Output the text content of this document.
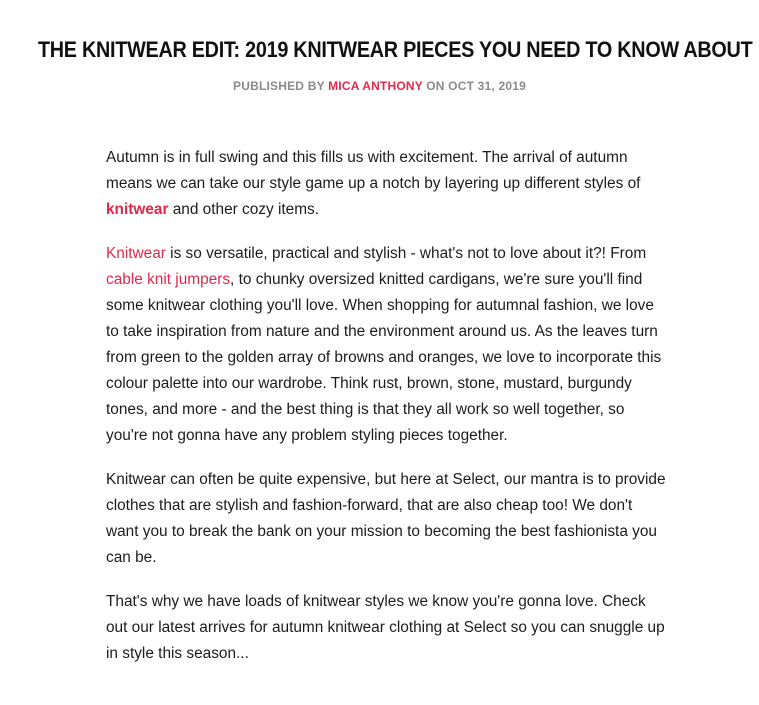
THE KNITWEAR EDIT: 2019 KNITWEAR PIECES YOU NEED TO KNOW ABOUT
PUBLISHED BY MICA ANTHONY ON OCT 31, 2019

Autumn is in full swing and this fills us with excitement. The arrival of autumn means we can take our style game up a notch by layering up different styles of knitwear and other cozy items.

Knitwear is so versatile, practical and stylish - what's not to love about it?! From cable knit jumpers, to chunky oversized knitted cardigans, we're sure you'll find some knitwear clothing you'll love. When shopping for autumnal fashion, we love to take inspiration from nature and the environment around us. As the leaves turn from green to the golden array of browns and oranges, we love to incorporate this colour palette into our wardrobe. Think rust, brown, stone, mustard, burgundy tones, and more - and the best thing is that they all work so well together, so you're not gonna have any problem styling pieces together.

Knitwear can often be quite expensive, but here at Select, our mantra is to provide clothes that are stylish and fashion-forward, that are also cheap too! We don't want you to break the bank on your mission to becoming the best fashionista you can be.

That's why we have loads of knitwear styles we know you're gonna love. Check out our latest arrives for autumn knitwear clothing at Select so you can snuggle up in style this season...
